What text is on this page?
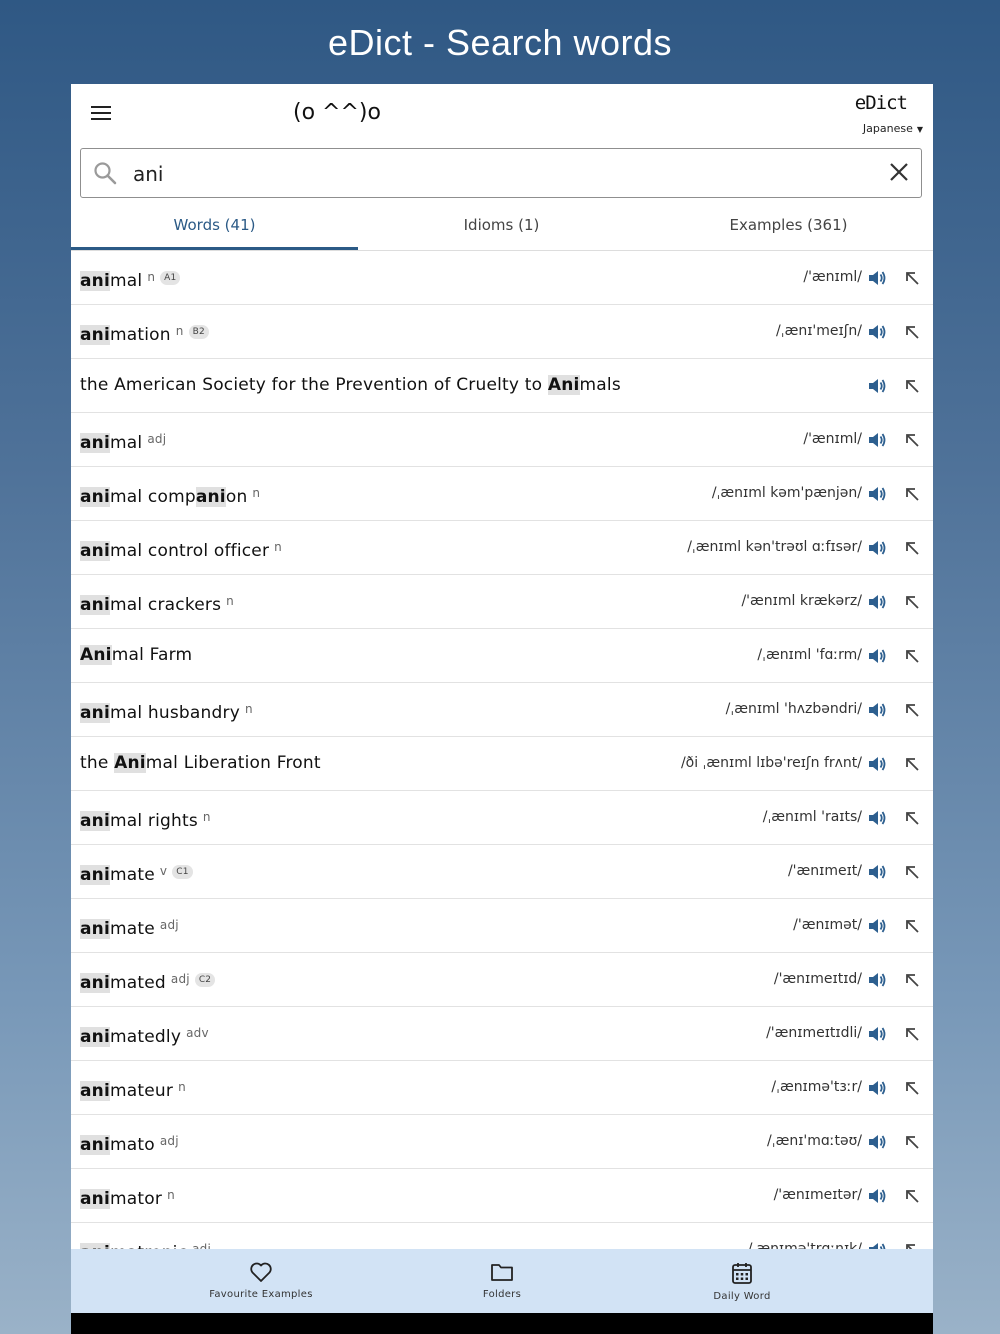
eDict - Search words
(o ^^)o	eDict
Japanese ▼
ani
Words (41)	Idioms (1)	Examples (361)
animal $^n$ A1	/'ænɪml/
animation $^n$ B2	/ˌænɪ'meɪʃn/
the American Society for the Prevention of Cruelty to Animals
animal $^{adj}$	/'ænɪml/
animal companion $^n$	/ˌænɪml kəm'pænjən/
animal control officer $^n$	/ˌænɪml kən'trəʊl ɑːfɪsər/
animal crackers $^n$	/'ænɪml krækərz/
Animal Farm	/ˌænɪml 'fɑːrm/
animal husbandry $^n$	/ˌænɪml 'hʌzbəndri/
the Animal Liberation Front	/ði ˌænɪml lɪbə'reɪʃn frʌnt/
animal rights $^n$	/ˌænɪml 'raɪts/
animate $^v$ C1	/'ænɪmeɪt/
animate $^{adj}$	/'ænɪmət/
animated $^{adj}$ C2	/'ænɪmeɪtɪd/
animatedly $^{adv}$	/'ænɪmeɪtɪdli/
animateur $^n$	/ˌænɪmə'tɜːr/
animato $^{adj}$	/ˌænɪ'mɑːtəʊ/
animator $^n$	/'ænɪmeɪtər/
Favourite Examples	Folders	Daily Word
